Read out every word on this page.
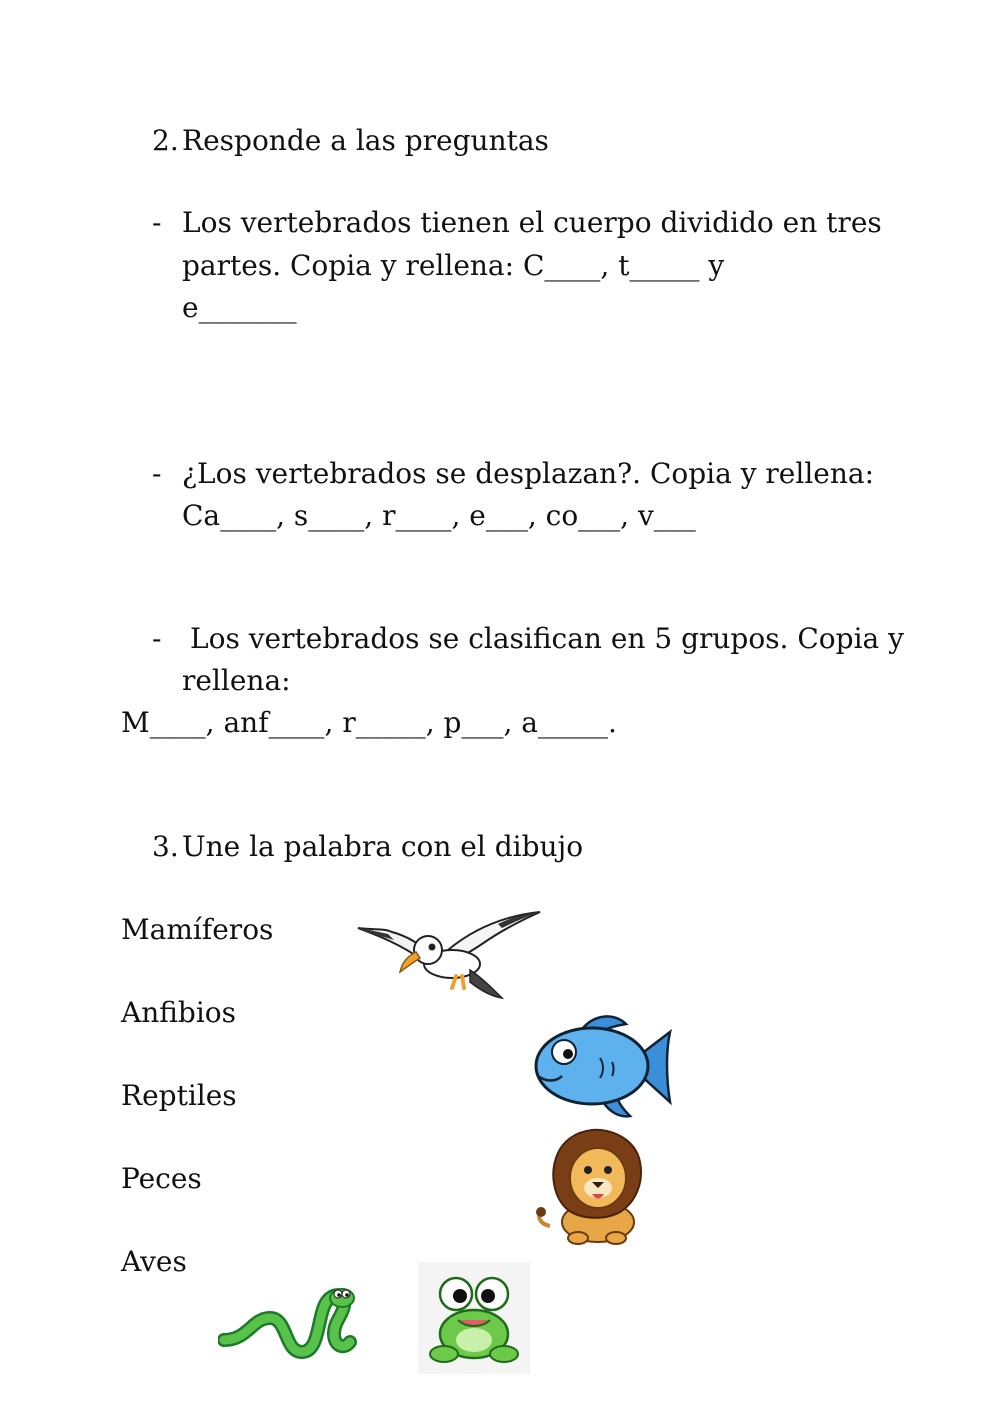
2. Responde a las preguntas
- Los vertebrados tienen el cuerpo dividido en tres
partes. Copia y rellena: C____, t_____ y
e_______
- ¿Los vertebrados se desplazan?. Copia y rellena:
Ca____, s____, r____, e___, co___, v___
- Los vertebrados se clasifican en 5 grupos. Copia y
rellena:
M____, anf____, r_____, p___, a_____.
3. Une la palabra con el dibujo
Mamíferos
Anfibios
Reptiles
Peces
Aves
